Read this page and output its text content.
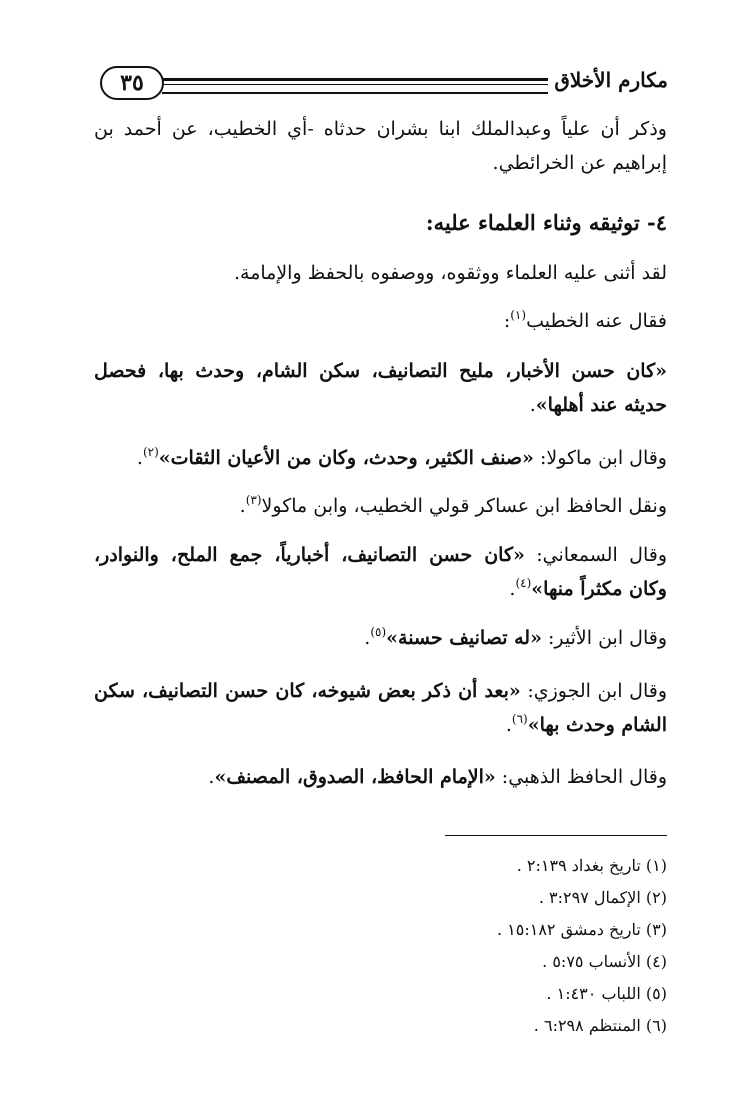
مكارم الأخلاق
٣٥
وذكر أن علياً وعبدالملك ابنا بشران حدثاه -أي الخطيب، عن أحمد بن إبراهيم عن الخرائطي.
٤- توثيقه وثناء العلماء عليه:
لقد أثنى عليه العلماء ووثقوه، ووصفوه بالحفظ والإمامة.
فقال عنه الخطيب$^{(١)}$:
«كان حسن الأخبار، مليح التصانيف، سكن الشام، وحدث بها، فحصل حديثه عند أهلها».
وقال ابن ماكولا: «صنف الكثير، وحدث، وكان من الأعيان الثقات»$^{(٢)}$.
ونقل الحافظ ابن عساكر قولي الخطيب، وابن ماكولا$^{(٣)}$.
وقال السمعاني: «كان حسن التصانيف، أخبارياً، جمع الملح، والنوادر، وكان مكثراً منها»$^{(٤)}$.
وقال ابن الأثير: «له تصانيف حسنة»$^{(٥)}$.
وقال ابن الجوزي: «بعد أن ذكر بعض شيوخه، كان حسن التصانيف، سكن الشام وحدث بها»$^{(٦)}$.
وقال الحافظ الذهبي: «الإمام الحافظ، الصدوق، المصنف».
(١) تاريخ بغداد ٢:١٣٩ .
(٢) الإكمال ٣:٢٩٧ .
(٣) تاريخ دمشق ١٥:١٨٢ .
(٤) الأنساب ٥:٧٥ .
(٥) اللباب ١:٤٣٠ .
(٦) المنتظم ٦:٢٩٨ .
